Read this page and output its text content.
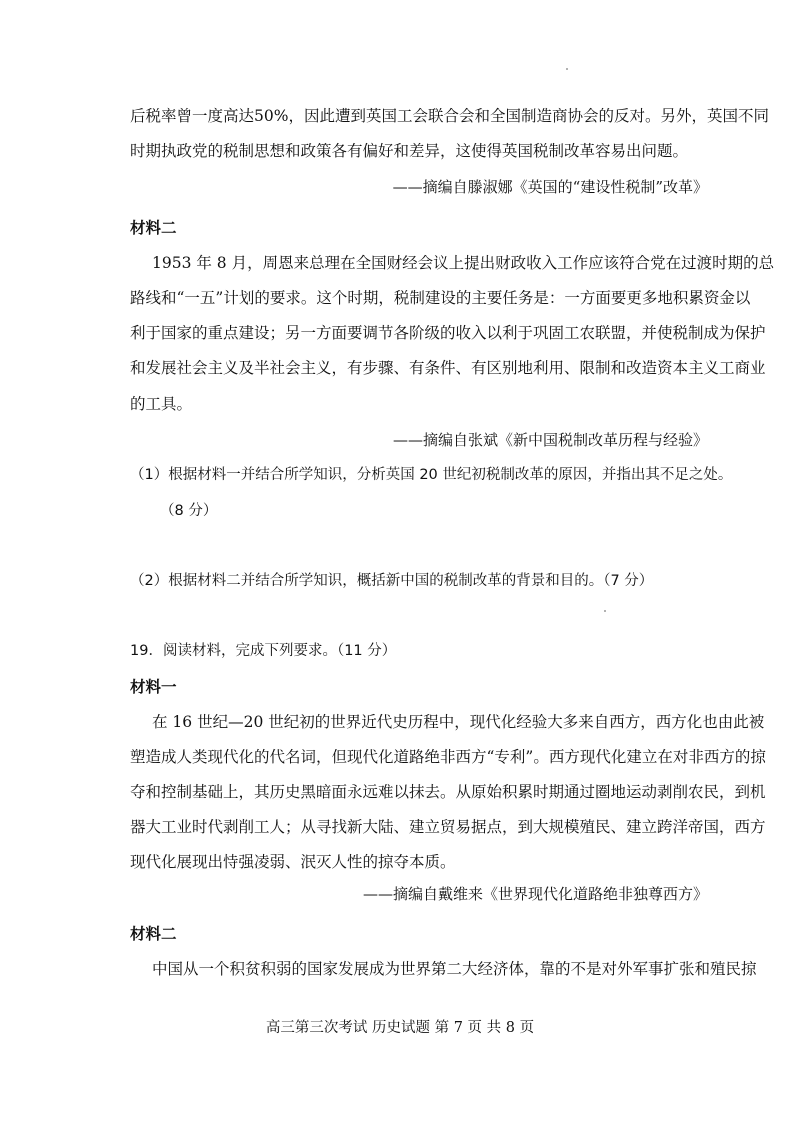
后税率曾一度高达50%，因此遭到英国工会联合会和全国制造商协会的反对。另外，英国不同
时期执政党的税制思想和政策各有偏好和差异，这使得英国税制改革容易出问题。
——摘编自滕淑娜《英国的“建设性税制”改革》
材料二
1953 年 8 月，周恩来总理在全国财经会议上提出财政收入工作应该符合党在过渡时期的总
路线和“一五”计划的要求。这个时期，税制建设的主要任务是：一方面要更多地积累资金以
利于国家的重点建设；另一方面要调节各阶级的收入以利于巩固工农联盟，并使税制成为保护
和发展社会主义及半社会主义，有步骤、有条件、有区别地利用、限制和改造资本主义工商业
的工具。
——摘编自张斌《新中国税制改革历程与经验》
（1）根据材料一并结合所学知识，分析英国 20 世纪初税制改革的原因，并指出其不足之处。
（8 分）
（2）根据材料二并结合所学知识，概括新中国的税制改革的背景和目的。（7 分）
19．阅读材料，完成下列要求。（11 分）
材料一
在 16 世纪—20 世纪初的世界近代史历程中，现代化经验大多来自西方，西方化也由此被
塑造成人类现代化的代名词，但现代化道路绝非西方“专利”。西方现代化建立在对非西方的掠
夺和控制基础上，其历史黑暗面永远难以抹去。从原始积累时期通过圈地运动剥削农民，到机
器大工业时代剥削工人；从寻找新大陆、建立贸易据点，到大规模殖民、建立跨洋帝国，西方
现代化展现出恃强凌弱、泯灭人性的掠夺本质。
——摘编自戴维来《世界现代化道路绝非独尊西方》
材料二
中国从一个积贫积弱的国家发展成为世界第二大经济体，靠的不是对外军事扩张和殖民掠
高三第三次考试 历史试题 第 7 页 共 8 页
